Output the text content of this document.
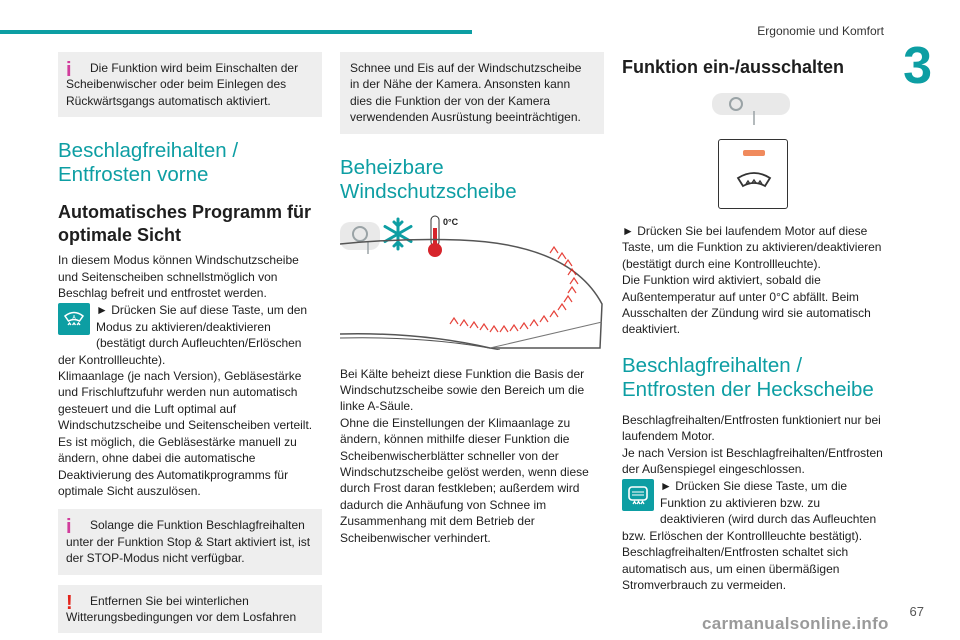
Ergonomie und Komfort
3
67
carmanualsonline.info
i	Die Funktion wird beim Einschalten der Scheibenwischer oder beim Einlegen des Rückwärtsgangs automatisch aktiviert.

Beschlagfreihalten / Entfrosten vorne
Automatisches Programm für optimale Sicht

In diesem Modus können Windschutzscheibe und Seitenscheiben schnellstmöglich von Beschlag befreit und entfrostet werden.

A

► Drücken Sie auf diese Taste, um den Modus zu aktivieren/deaktivieren (bestätigt durch Aufleuchten/Erlöschen der Kontrollleuchte).

Klimaanlage (je nach Version), Gebläsestärke und Frischluftzufuhr werden nun automatisch gesteuert und die Luft optimal auf Windschutzscheibe und Seitenscheiben verteilt.

Es ist möglich, die Gebläsestärke manuell zu ändern, ohne dabei die automatische Deaktivierung des Automatikprogramms für optimale Sicht auszulösen.

i	Solange die Funktion Beschlagfreihalten unter der Funktion Stop & Start aktiviert ist, ist der STOP-Modus nicht verfügbar.

!	Entfernen Sie bei winterlichen Witterungsbedingungen vor dem Losfahren

Schnee und Eis auf der Windschutzscheibe in der Nähe der Kamera. Ansonsten kann dies die Funktion der von der Kamera verwendenden Ausrüstung beeinträchtigen.

Beheizbare Windschutzscheibe
0°C

Bei Kälte beheizt diese Funktion die Basis der Windschutzscheibe sowie den Bereich um die linke A-Säule.

Ohne die Einstellungen der Klimaanlage zu ändern, können mithilfe dieser Funktion die Scheibenwischerblätter schneller von der Windschutzscheibe gelöst werden, wenn diese durch Frost daran festkleben; außerdem wird dadurch die Anhäufung von Schnee im Zusammenhang mit dem Betrieb der Scheibenwischer verhindert.

Funktion ein-/ausschalten

► Drücken Sie bei laufendem Motor auf diese Taste, um die Funktion zu aktivieren/deaktivieren (bestätigt durch eine Kontrollleuchte).

Die Funktion wird aktiviert, sobald die Außentemperatur auf unter 0°C abfällt. Beim Ausschalten der Zündung wird sie automatisch deaktiviert.

Beschlagfreihalten / Entfrosten der Heckscheibe

Beschlagfreihalten/Entfrosten funktioniert nur bei laufendem Motor.

Je nach Version ist Beschlagfreihalten/Entfrosten der Außenspiegel eingeschlossen.

► Drücken Sie diese Taste, um die Funktion zu aktivieren bzw. zu deaktivieren (wird durch das Aufleuchten bzw. Erlöschen der Kontrollleuchte bestätigt).

Beschlagfreihalten/Entfrosten schaltet sich automatisch aus, um einen übermäßigen Stromverbrauch zu vermeiden.
